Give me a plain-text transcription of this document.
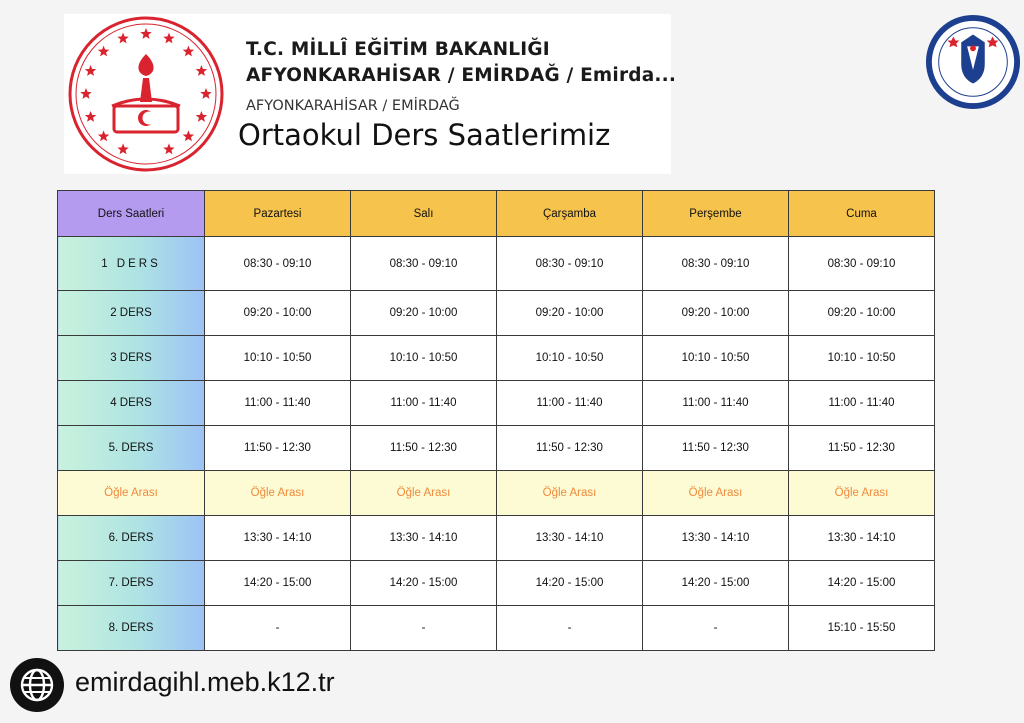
T.C. MİLLÎ EĞİTİM BAKANLIĞI
AFYONKARAHİSAR / EMİRDAĞ / Emirda...
AFYONKARAHİSAR / EMİRDAĞ
Ortaokul Ders Saatlerimiz
Ders Saatleri	Pazartesi	Salı	Çarşamba	Perşembe	Cuma
1 DERS	08:30 - 09:10	08:30 - 09:10	08:30 - 09:10	08:30 - 09:10	08:30 - 09:10
2 DERS	09:20 - 10:00	09:20 - 10:00	09:20 - 10:00	09:20 - 10:00	09:20 - 10:00
3 DERS	10:10 - 10:50	10:10 - 10:50	10:10 - 10:50	10:10 - 10:50	10:10 - 10:50
4 DERS	11:00 - 11:40	11:00 - 11:40	11:00 - 11:40	11:00 - 11:40	11:00 - 11:40
5. DERS	11:50 - 12:30	11:50 - 12:30	11:50 - 12:30	11:50 - 12:30	11:50 - 12:30
Öğle Arası	Öğle Arası	Öğle Arası	Öğle Arası	Öğle Arası	Öğle Arası
6. DERS	13:30 - 14:10	13:30 - 14:10	13:30 - 14:10	13:30 - 14:10	13:30 - 14:10
7. DERS	14:20 - 15:00	14:20 - 15:00	14:20 - 15:00	14:20 - 15:00	14:20 - 15:00
8. DERS	-	-	-	-	15:10 - 15:50
emirdagihl.meb.k12.tr
